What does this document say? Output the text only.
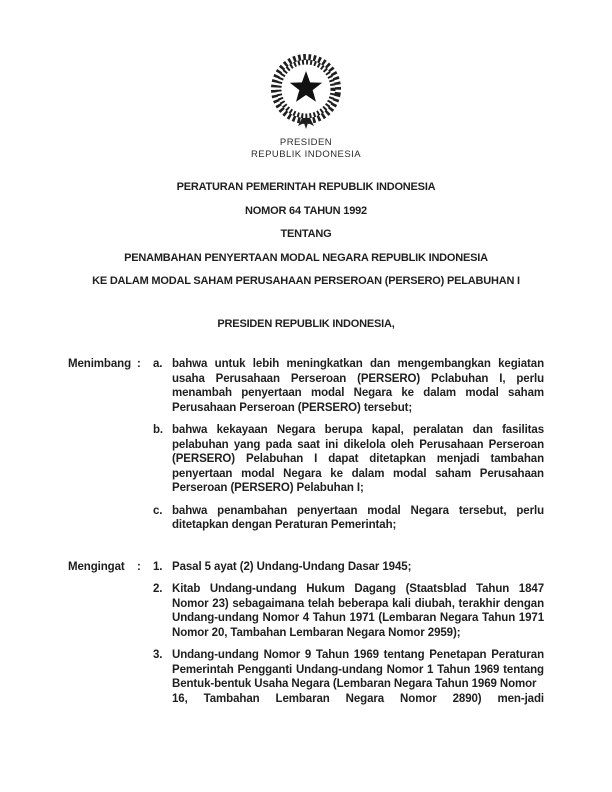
PRESIDEN
REPUBLIK INDONESIA

PERATURAN PEMERINTAH REPUBLIK INDONESIA

NOMOR 64 TAHUN 1992

TENTANG

PENAMBAHAN PENYERTAAN MODAL NEGARA REPUBLIK INDONESIA

KE DALAM MODAL SAHAM PERUSAHAAN PERSEROAN (PERSERO) PELABUHAN I

PRESIDEN REPUBLIK INDONESIA,
Menimbang :	a. bahwa untuk lebih meningkatkan dan mengembangkan kegiatan usaha Perusahaan Perseroan (PERSERO) Pclabuhan I, perlu menambah penyertaan modal Negara ke dalam modal saham Perusahaan Perseroan (PERSERO) tersebut;
b. bahwa kekayaan Negara berupa kapal, peralatan dan fasilitas pelabuhan yang pada saat ini dikelola oleh Perusahaan Perseroan (PERSERO) Pelabuhan I dapat ditetapkan menjadi tambahan penyertaan modal Negara ke dalam modal saham Perusahaan Perseroan (PERSERO) Pelabuhan I;
c. bahwa penambahan penyertaan modal Negara tersebut, perlu ditetapkan dengan Peraturan Pemerintah;
Mengingat	:	1. Pasal 5 ayat (2) Undang-Undang Dasar 1945;
2. Kitab Undang-undang Hukum Dagang (Staatsblad Tahun 1847 Nomor 23) sebagaimana telah beberapa kali diubah, terakhir dengan Undang-undang Nomor 4 Tahun 1971 (Lembaran Negara Tahun 1971 Nomor 20, Tambahan Lembaran Negara Nomor 2959);
3. Undang-undang Nomor 9 Tahun 1969 tentang Penetapan Peraturan Pemerintah Pengganti Undang-undang Nomor 1 Tahun 1969 tentang Bentuk-bentuk Usaha Negara (Lembaran Negara Tahun 1969 Nomor
16, Tambahan Lembaran Negara Nomor 2890) men-jadi
